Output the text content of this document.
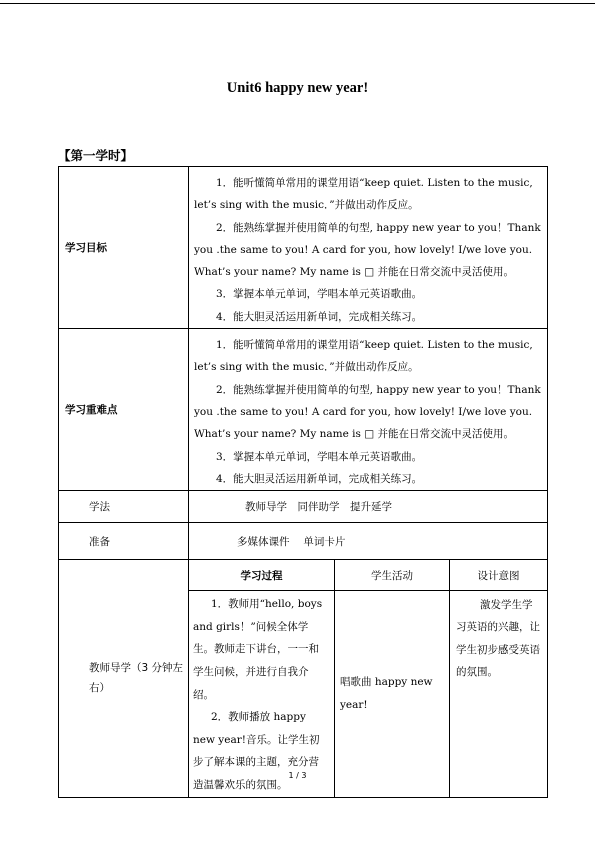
Unit6 happy new year!
【第一学时】
学习目标	1．能听懂简单常用的课堂用语“keep quiet. Listen to the music, let’s sing with the music．”并做出动作反应。

2．能熟练掌握并使用简单的句型, happy new year to you！Thank you .the same to you! A card for you, how lovely! I/we love you. What’s your name? My name is □ 并能在日常交流中灵活使用。

3．掌握本单元单词，学唱本单元英语歌曲。

4．能大胆灵活运用新单词，完成相关练习。		

学习重难点	1．能听懂简单常用的课堂用语“keep quiet. Listen to the music, let’s sing with the music．”并做出动作反应。

2．能熟练掌握并使用简单的句型, happy new year to you！Thank you .the same to you! A card for you, how lovely! I/we love you. What’s your name? My name is □ 并能在日常交流中灵活使用。

3．掌握本单元单词，学唱本单元英语歌曲。

4．能大胆灵活运用新单词，完成相关练习。		

学法	教师导学　同伴助学　提升延学		
准备	多媒体课件　 单词卡片		
教师导学（3 分钟左右）	学习过程	学生活动	设计意图

	1．教师用“hello, boys and girls！”问候全体学生。教师走下讲台，一一和学生问候，并进行自我介绍。

2．教师播放 happy new year!音乐。让学生初步了解本课的主题，充分营造温馨欢乐的氛围。	唱歌曲 happy new year!	激发学生学习英语的兴趣，让学生初步感受英语的氛围。

1 / 3
